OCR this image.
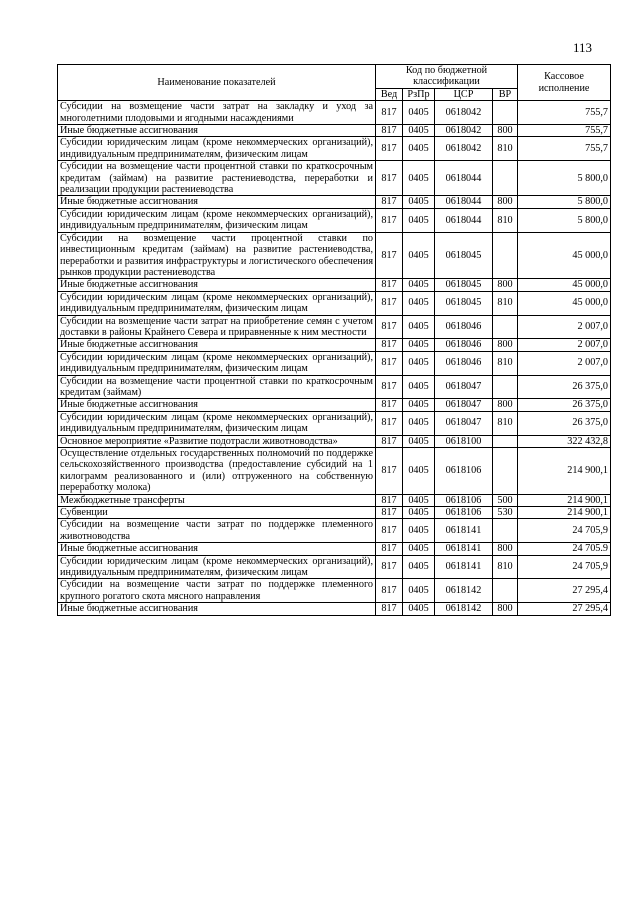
113
Наименование показателей	Код по бюджетной классификации				Кассовое исполнение
	Вед	РзПр	ЦСР	ВР	
Субсидии на возмещение части затрат на закладку и уход за многолетними плодовыми и ягодными насаждениями	817	0405	0618042		755,7
Иные бюджетные ассигнования	817	0405	0618042	800	755,7
Субсидии юридическим лицам (кроме некоммерческих организаций), индивидуальным предпринимателям, физическим лицам	817	0405	0618042	810	755,7
Субсидии на возмещение части процентной ставки по краткосрочным кредитам (займам) на развитие растениеводства, переработки и реализации продукции растениеводства	817	0405	0618044		5 800,0
Иные бюджетные ассигнования	817	0405	0618044	800	5 800,0
Субсидии юридическим лицам (кроме некоммерческих организаций), индивидуальным предпринимателям, физическим лицам	817	0405	0618044	810	5 800,0
Субсидии на возмещение части процентной ставки по инвестиционным кредитам (займам) на развитие растениеводства, переработки и развития инфраструктуры и логистического обеспечения рынков продукции растениеводства	817	0405	0618045		45 000,0
Иные бюджетные ассигнования	817	0405	0618045	800	45 000,0
Субсидии юридическим лицам (кроме некоммерческих организаций), индивидуальным предпринимателям, физическим лицам	817	0405	0618045	810	45 000,0
Субсидии на возмещение части затрат на приобретение семян с учетом доставки в районы Крайнего Севера и приравненные к ним местности	817	0405	0618046		2 007,0
Иные бюджетные ассигнования	817	0405	0618046	800	2 007,0
Субсидии юридическим лицам (кроме некоммерческих организаций), индивидуальным предпринимателям, физическим лицам	817	0405	0618046	810	2 007,0
Субсидии на возмещение части процентной ставки по краткосрочным кредитам (займам)	817	0405	0618047		26 375,0
Иные бюджетные ассигнования	817	0405	0618047	800	26 375,0
Субсидии юридическим лицам (кроме некоммерческих организаций), индивидуальным предпринимателям, физическим лицам	817	0405	0618047	810	26 375,0
Основное мероприятие «Развитие подотрасли животноводства»	817	0405	0618100		322 432,8
Осуществление отдельных государственных полномочий по поддержке сельскохозяйственного производства (предоставление субсидий на 1 килограмм реализованного и (или) отгруженного на собственную переработку молока)	817	0405	0618106		214 900,1
Межбюджетные трансферты	817	0405	0618106	500	214 900,1
Субвенции	817	0405	0618106	530	214 900,1
Субсидии на возмещение части затрат по поддержке племенного животноводства	817	0405	0618141		24 705,9
Иные бюджетные ассигнования	817	0405	0618141	800	24 705.9
Субсидии юридическим лицам (кроме некоммерческих организаций), индивидуальным предпринимателям, физическим лицам	817	0405	0618141	810	24 705,9
Субсидии на возмещение части затрат по поддержке племенного крупного рогатого скота мясного направления	817	0405	0618142		27 295,4
Иные бюджетные ассигнования	817	0405	0618142	800	27 295,4
